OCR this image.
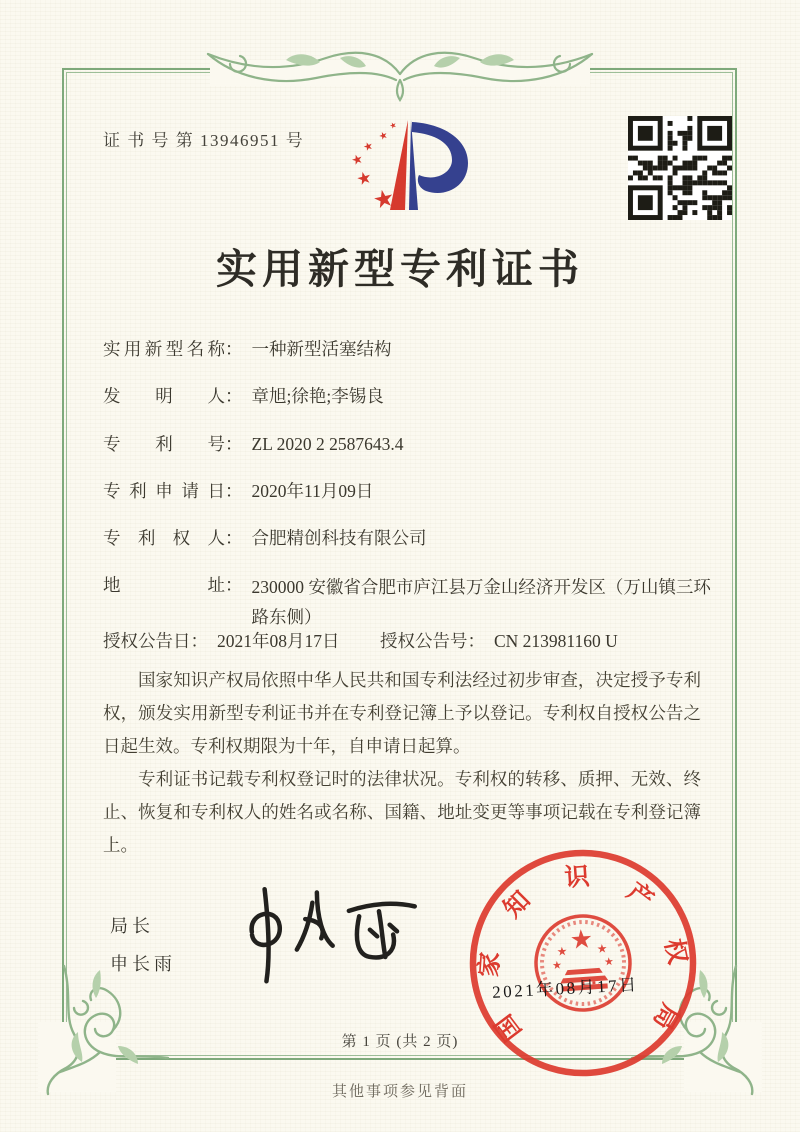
证 书 号 第 13946951 号
★
★
★
★
★
★
实用新型专利证书
实用新型名称： 一种新型活塞结构
发明人： 章旭;徐艳;李锡良
专利号： ZL 2020 2 2587643.4
专利申请日： 2020年11月09日
专利权人： 合肥精创科技有限公司
地址： 230000 安徽省合肥市庐江县万金山经济开发区（万山镇三环路东侧）
授权公告日： 2021年08月17日 授权公告号： CN 213981160 U

国家知识产权局依照中华人民共和国专利法经过初步审查，决定授予专利权，颁发实用新型专利证书并在专利登记簿上予以登记。专利权自授权公告之日起生效。专利权期限为十年，自申请日起算。

专利证书记载专利权登记时的法律状况。专利权的转移、质押、无效、终止、恢复和专利权人的姓名或名称、国籍、地址变更等事项记载在专利登记簿上。

局长
申长雨
国
家
知
识
产
权
局
★
★ ★
★	★
2021年08月17日
第 1 页 (共 2 页)
其他事项参见背面
